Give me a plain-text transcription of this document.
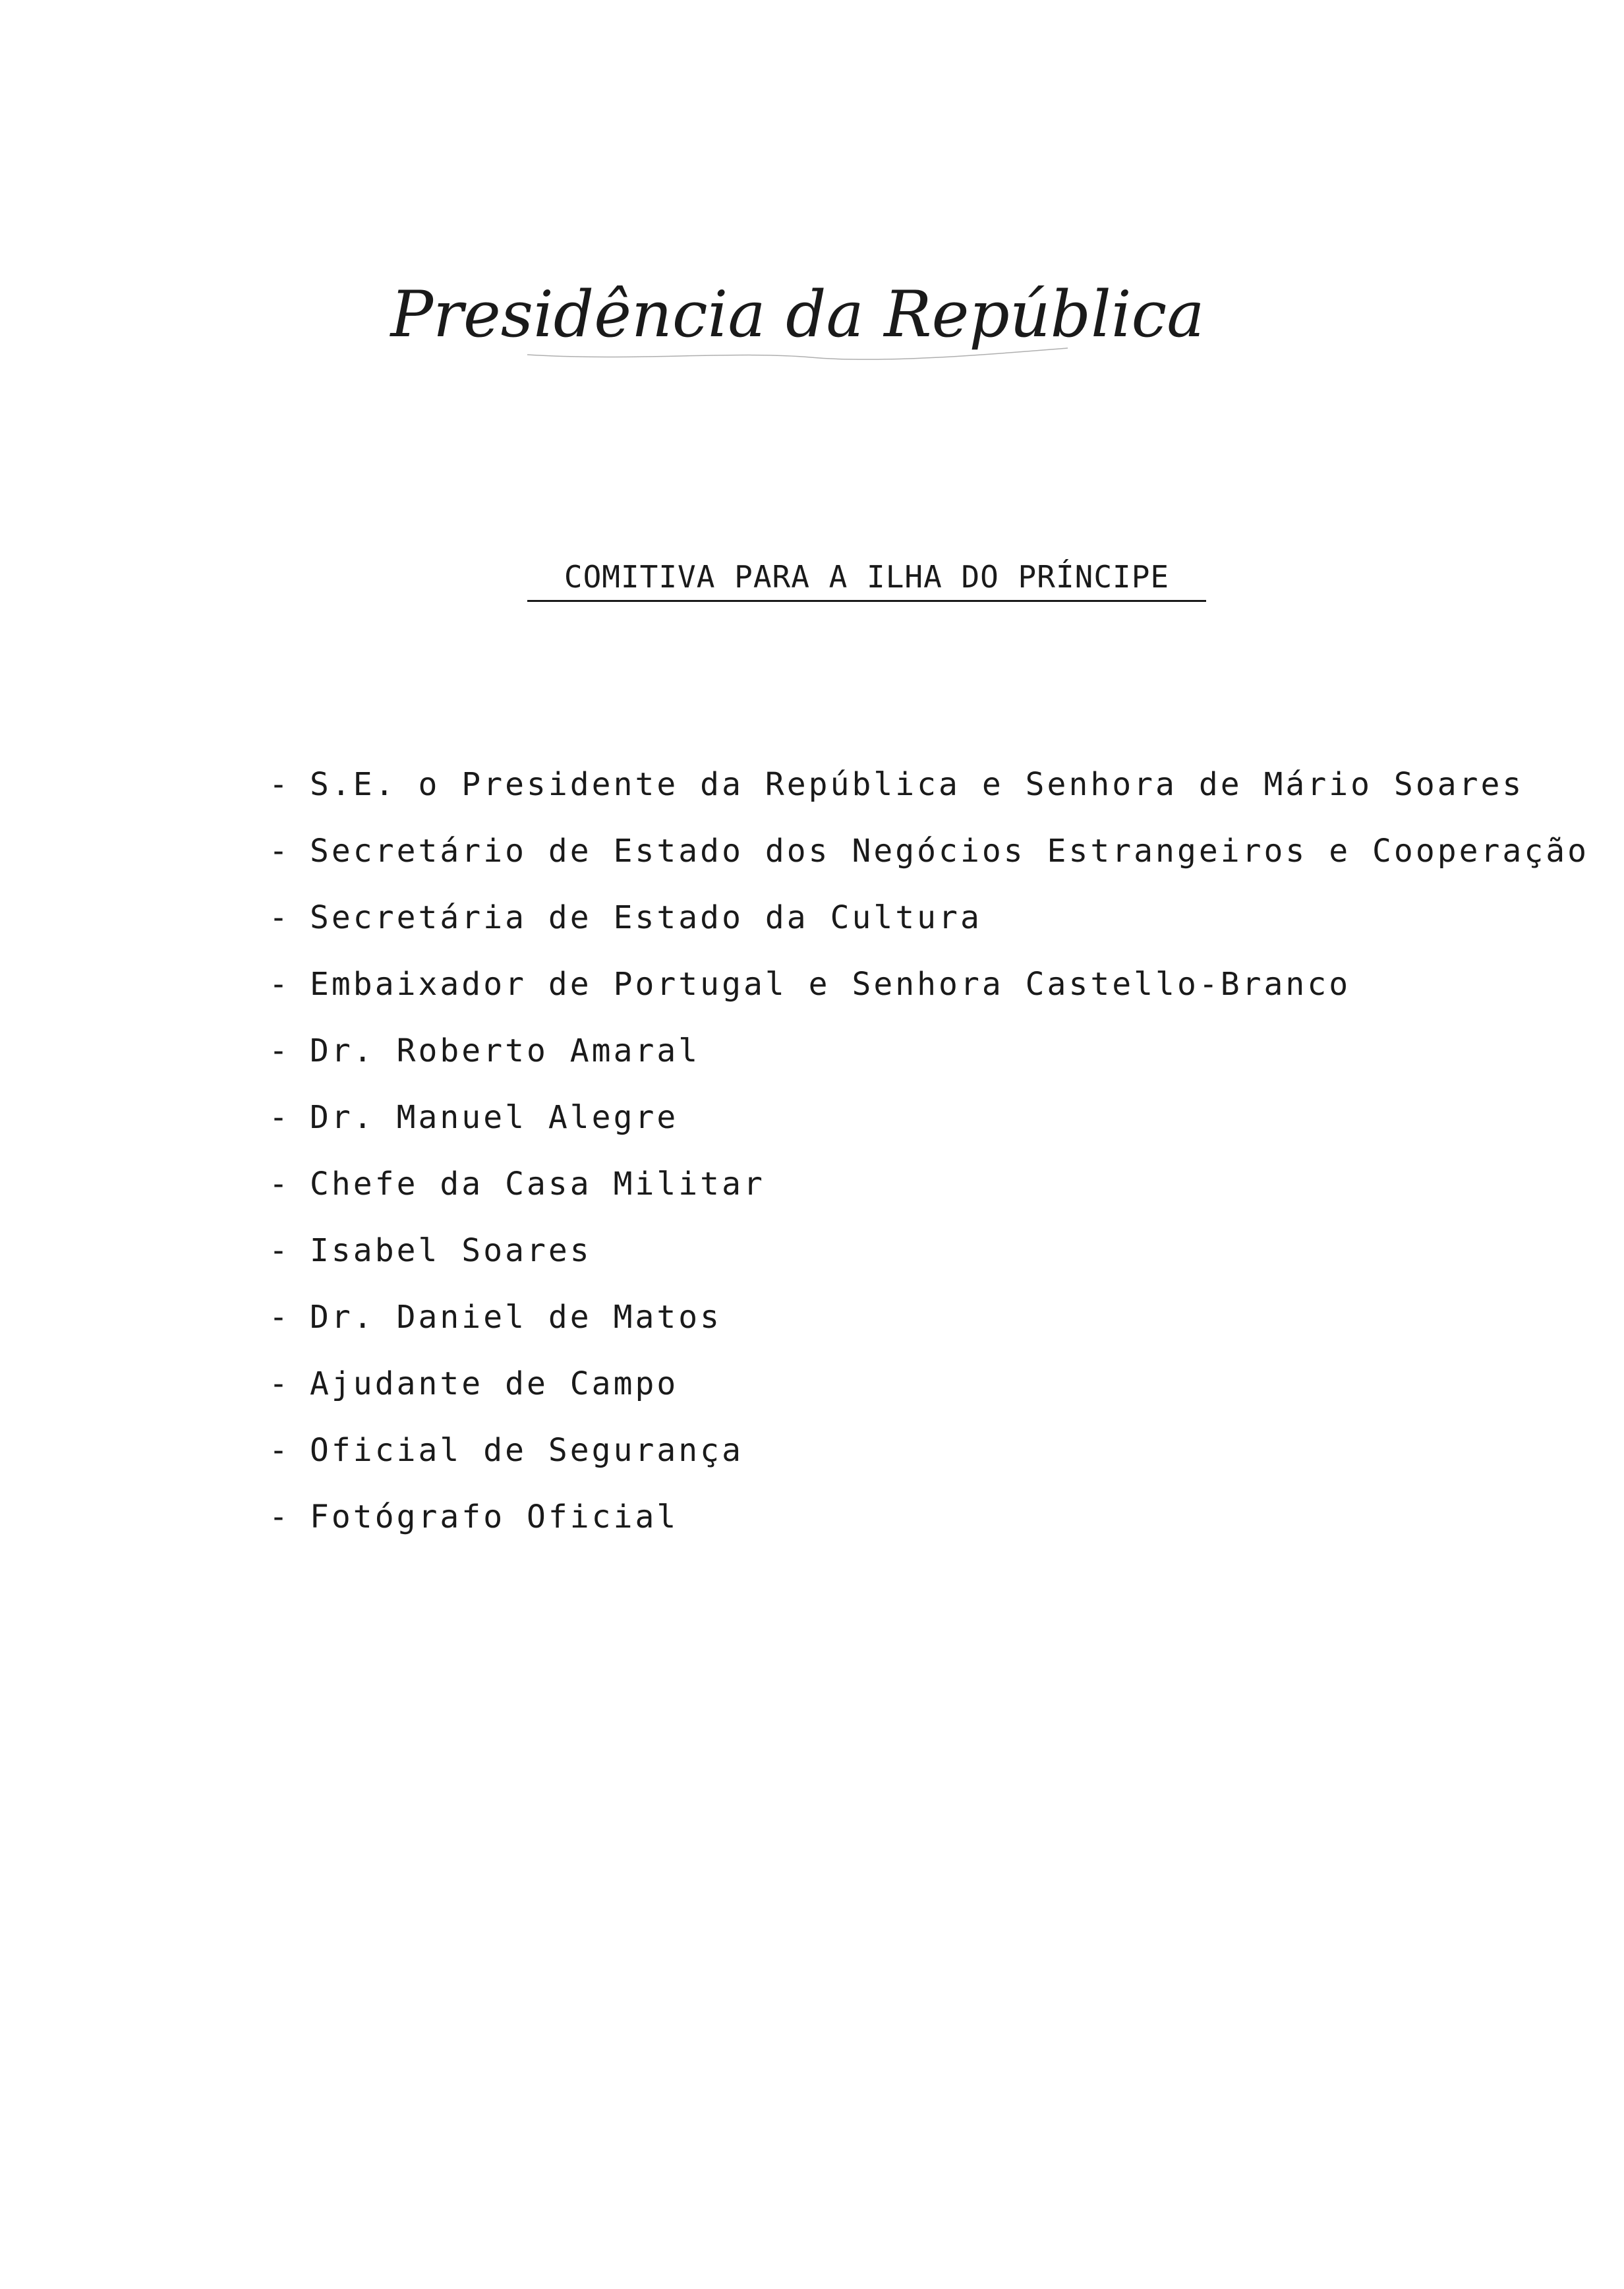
Presidência da República
COMITIVA PARA A ILHA DO PRÍNCIPE
- S.E. o Presidente da República e Senhora de Mário Soares
- Secretário de Estado dos Negócios Estrangeiros e Cooperação
- Secretária de Estado da Cultura
- Embaixador de Portugal e Senhora Castello-Branco
- Dr. Roberto Amaral
- Dr. Manuel Alegre
- Chefe da Casa Militar
- Isabel Soares
- Dr. Daniel de Matos
- Ajudante de Campo
- Oficial de Segurança
- Fotógrafo Oficial
